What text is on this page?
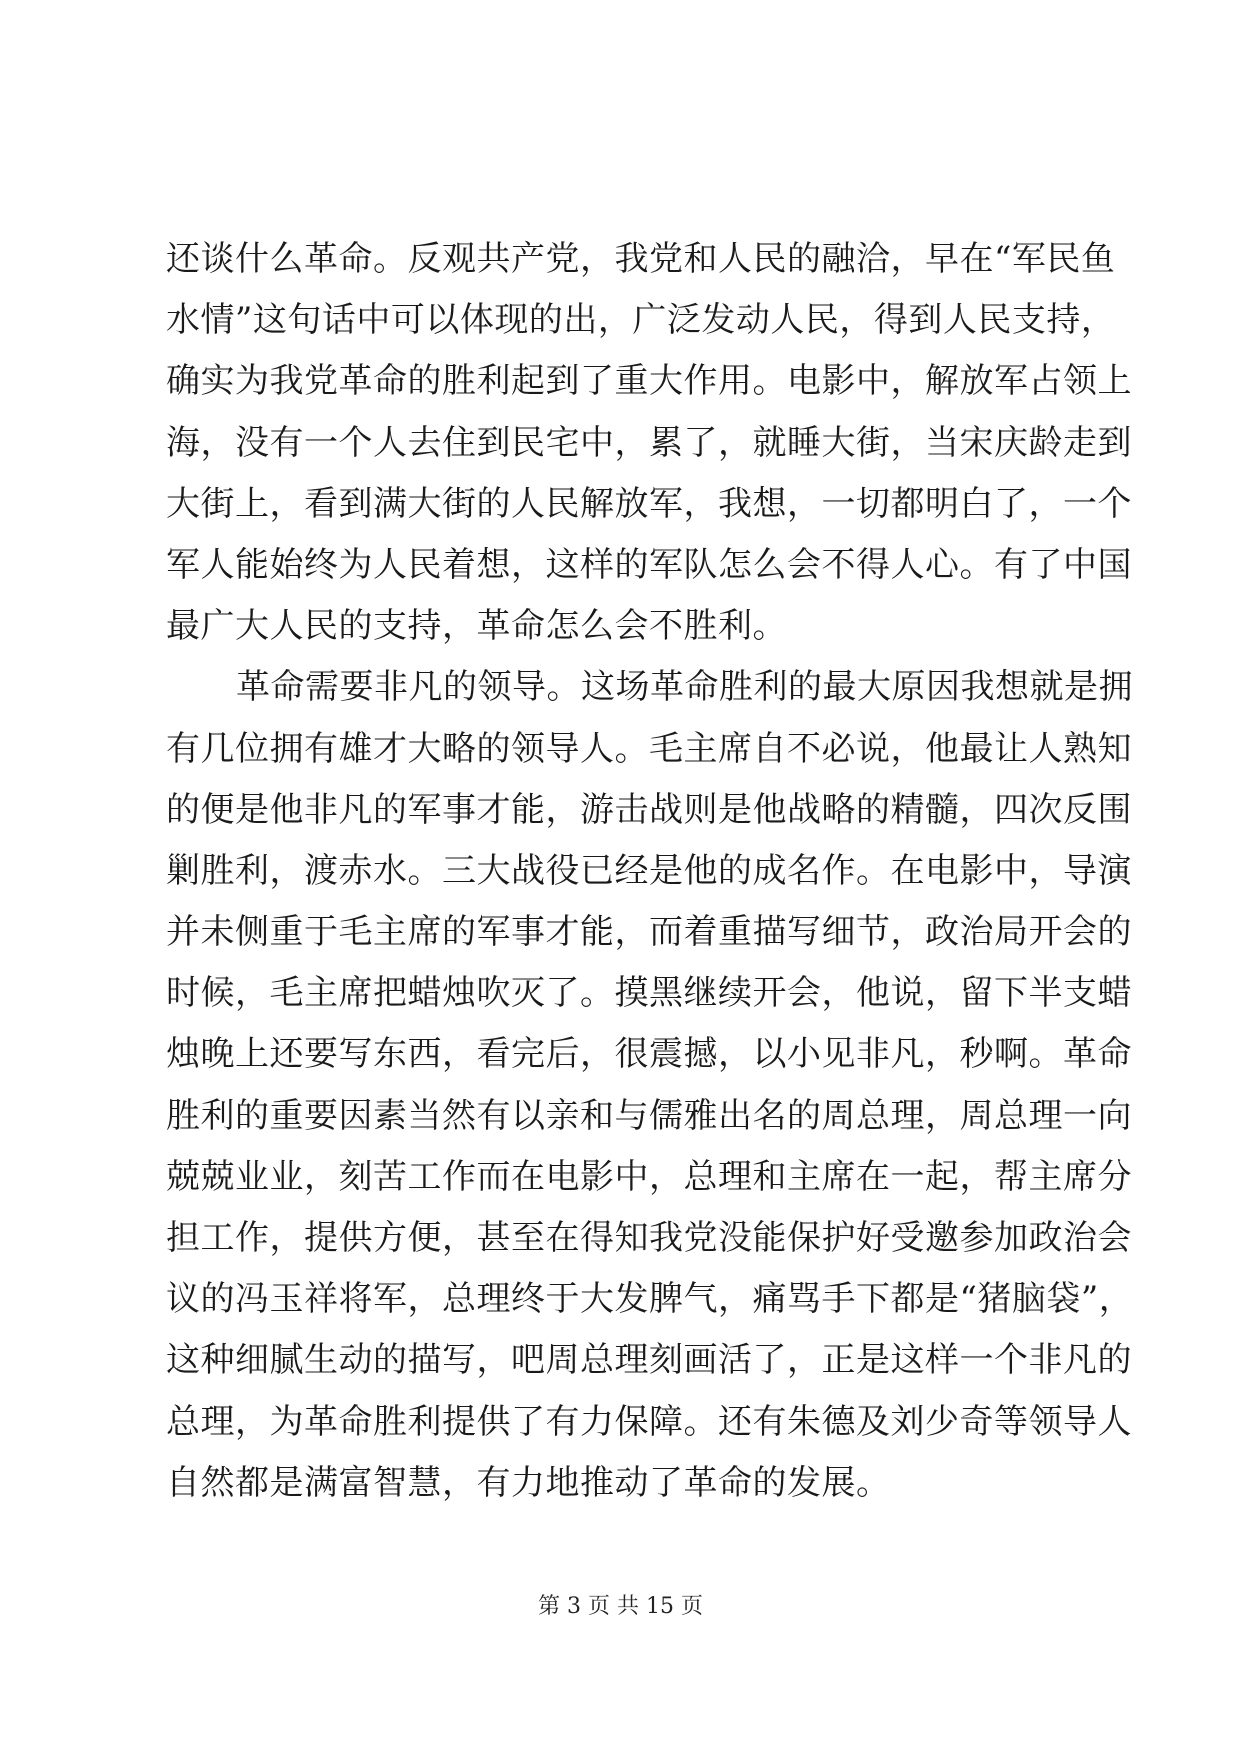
还谈什么革命。反观共产党，我党和人民的融洽，早在“军民鱼
水情”这句话中可以体现的出，广泛发动人民，得到人民支持，
确实为我党革命的胜利起到了重大作用。电影中，解放军占领上
海，没有一个人去住到民宅中，累了，就睡大街，当宋庆龄走到
大街上，看到满大街的人民解放军，我想，一切都明白了，一个
军人能始终为人民着想，这样的军队怎么会不得人心。有了中国
最广大人民的支持，革命怎么会不胜利。
革命需要非凡的领导。这场革命胜利的最大原因我想就是拥
有几位拥有雄才大略的领导人。毛主席自不必说，他最让人熟知
的便是他非凡的军事才能，游击战则是他战略的精髓，四次反围
剿胜利，渡赤水。三大战役已经是他的成名作。在电影中，导演
并未侧重于毛主席的军事才能，而着重描写细节，政治局开会的
时候，毛主席把蜡烛吹灭了。摸黑继续开会，他说，留下半支蜡
烛晚上还要写东西，看完后，很震撼，以小见非凡，秒啊。革命
胜利的重要因素当然有以亲和与儒雅出名的周总理，周总理一向
兢兢业业，刻苦工作而在电影中，总理和主席在一起，帮主席分
担工作，提供方便，甚至在得知我党没能保护好受邀参加政治会
议的冯玉祥将军，总理终于大发脾气，痛骂手下都是“猪脑袋”，
这种细腻生动的描写，吧周总理刻画活了，正是这样一个非凡的
总理，为革命胜利提供了有力保障。还有朱德及刘少奇等领导人
自然都是满富智慧，有力地推动了革命的发展。
第 3 页 共 15 页
